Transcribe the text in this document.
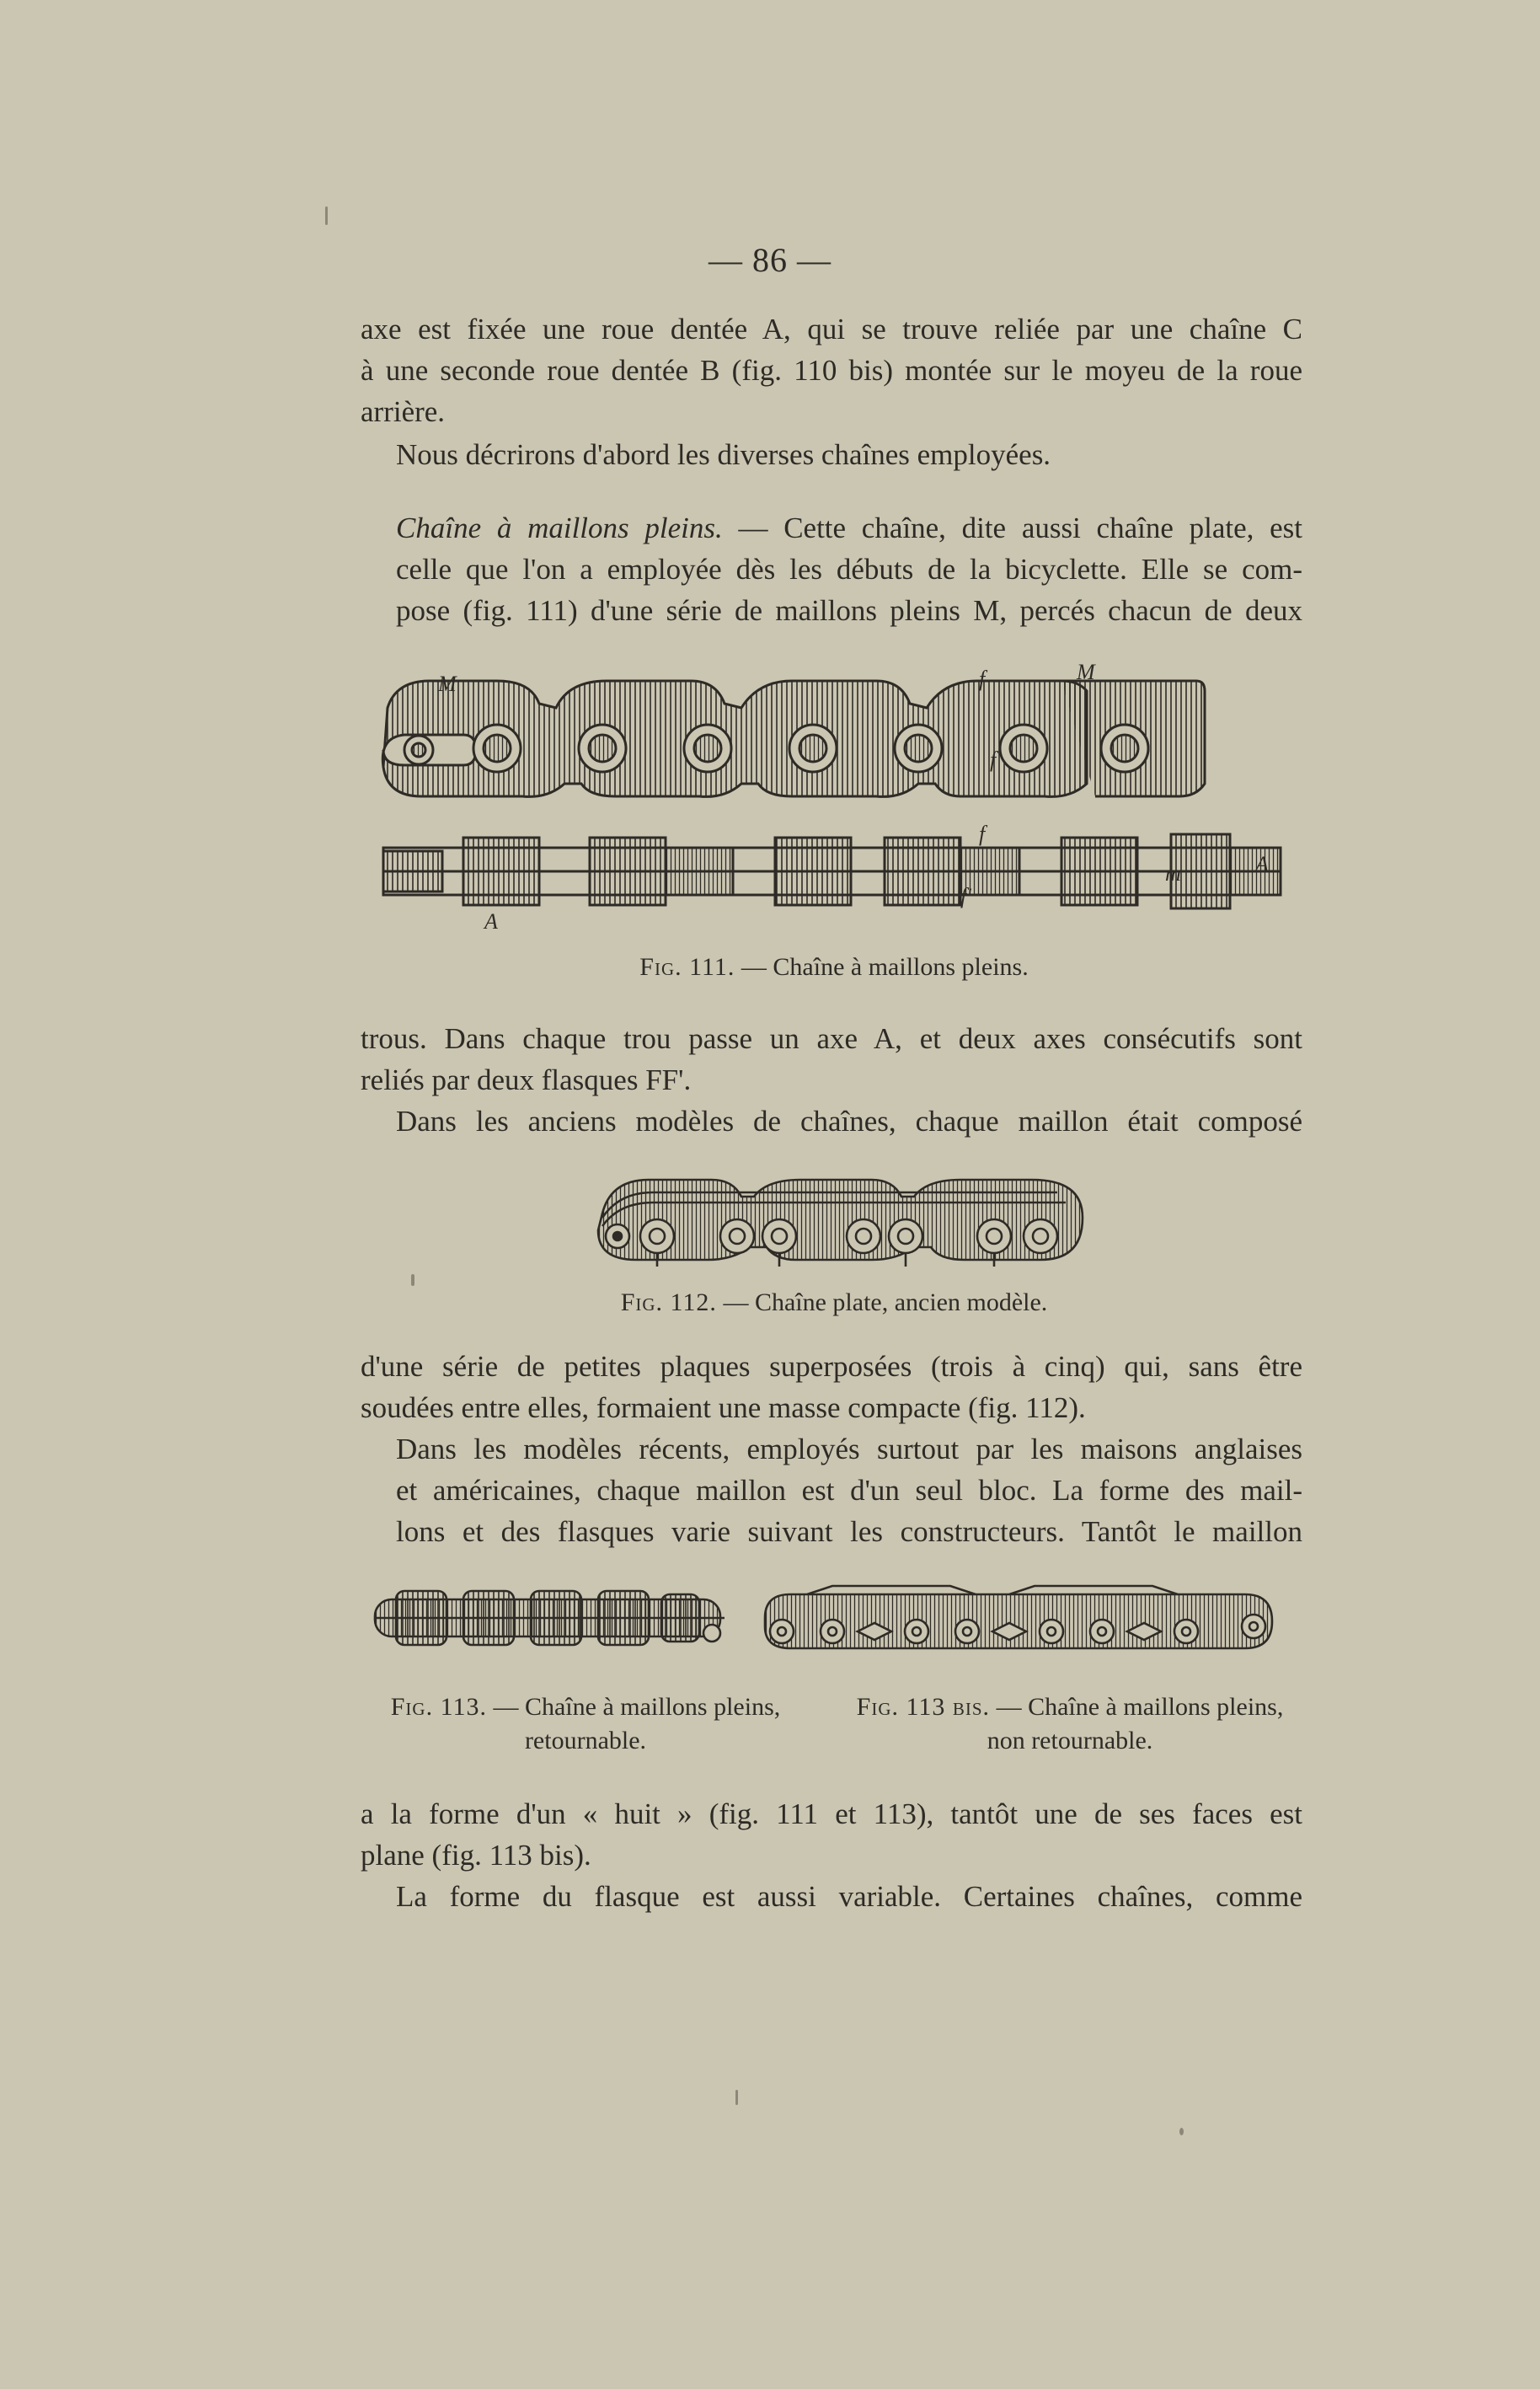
— 86 —
axe est fixée une roue dentée A, qui se trouve reliée par une chaîne C
à une seconde roue dentée B (fig. 110 bis) montée sur le moyeu de la roue
arrière.
Nous décrirons d'abord les diverses chaînes employées.
Chaîne à maillons pleins. — Cette chaîne, dite aussi chaîne plate, est
celle que l'on a employée dès les débuts de la bicyclette. Elle se com-
pose (fig. 111) d'une série de maillons pleins M, percés chacun de deux
M	f	M
f
f
f'
m	A
A
Fig. 111. — Chaîne à maillons pleins.
trous. Dans chaque trou passe un axe A, et deux axes consécutifs sont
reliés par deux flasques FF'.
Dans les anciens modèles de chaînes, chaque maillon était composé
Fig. 112. — Chaîne plate, ancien modèle.
d'une série de petites plaques superposées (trois à cinq) qui, sans être
soudées entre elles, formaient une masse compacte (fig. 112).
Dans les modèles récents, employés surtout par les maisons anglaises
et américaines, chaque maillon est d'un seul bloc. La forme des mail-
lons et des flasques varie suivant les constructeurs. Tantôt le maillon
Fig. 113. — Chaîne à maillons pleins,
retournable.
Fig. 113 bis. — Chaîne à maillons pleins,
non retournable.
a la forme d'un « huit » (fig. 111 et 113), tantôt une de ses faces est
plane (fig. 113 bis).
La forme du flasque est aussi variable. Certaines chaînes, comme
